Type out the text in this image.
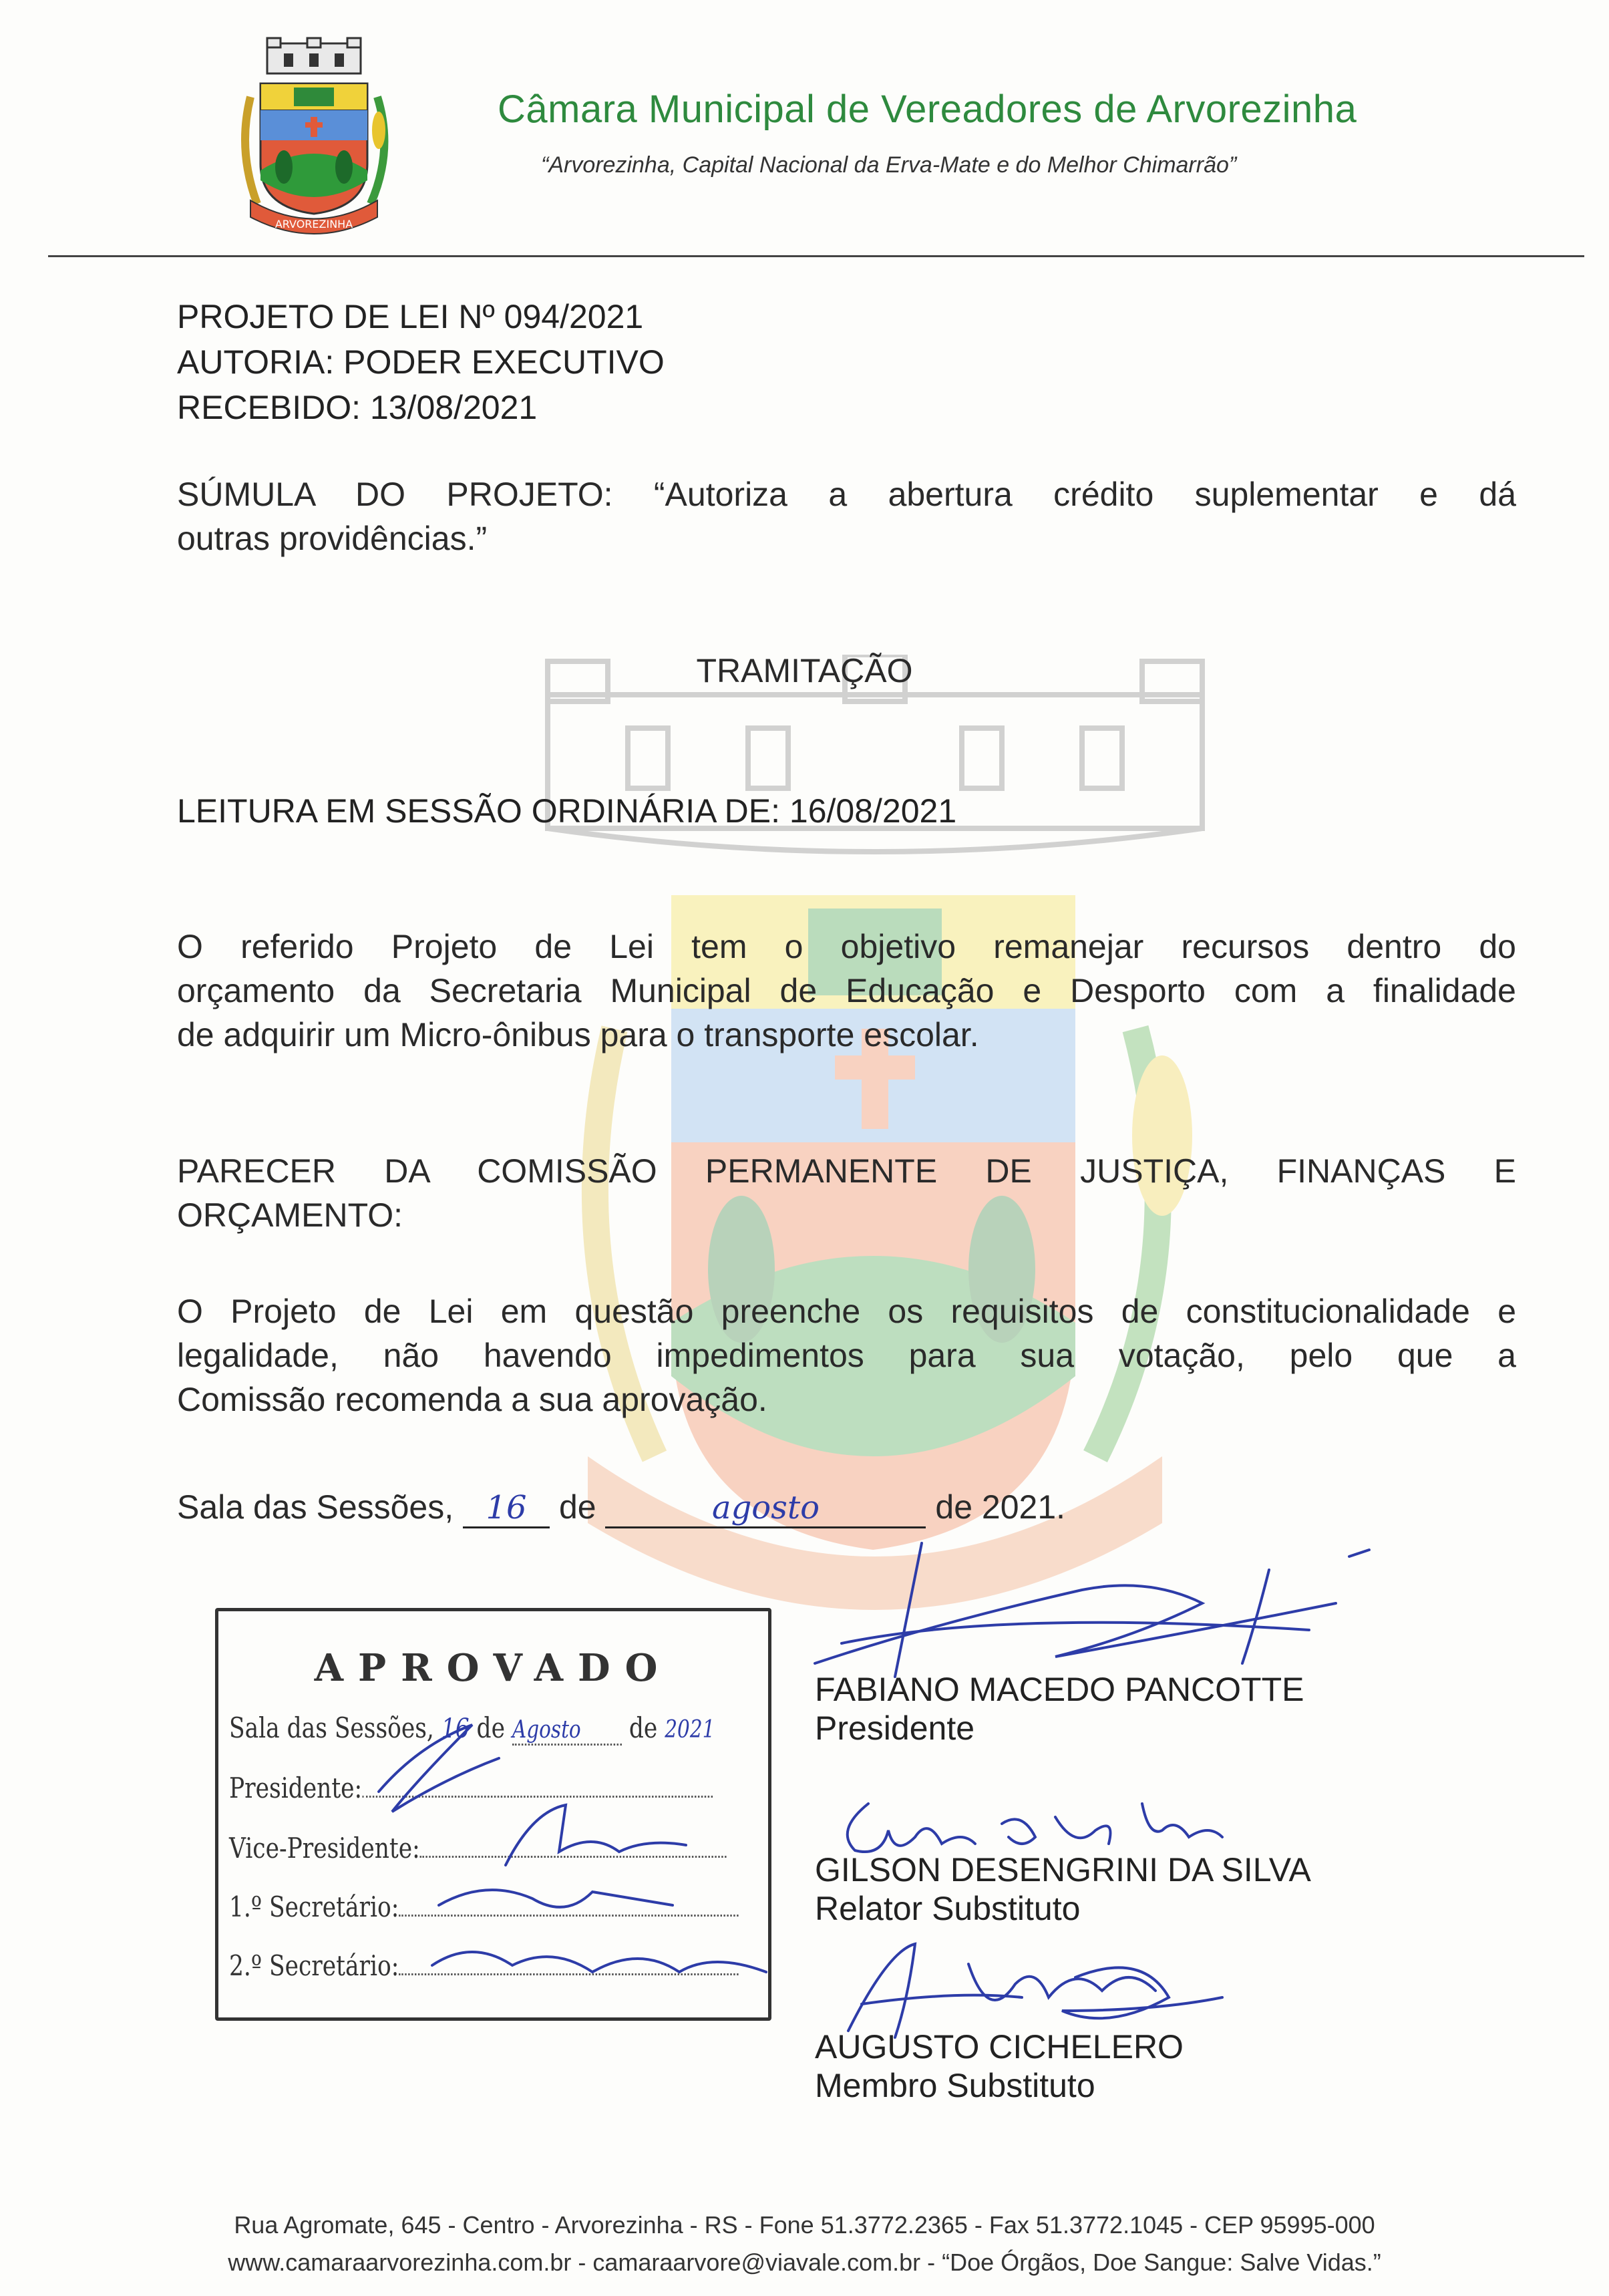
ARVOREZINHA
Câmara Municipal de Vereadores de Arvorezinha
“Arvorezinha, Capital Nacional da Erva-Mate e do Melhor Chimarrão”
PROJETO DE LEI Nº 094/2021
AUTORIA: PODER EXECUTIVO
RECEBIDO: 13/08/2021
SÚMULA DO PROJETO: “Autoriza a abertura crédito suplementar e dá
outras providências.”
TRAMITAÇÃO
LEITURA EM SESSÃO ORDINÁRIA DE: 16/08/2021
O referido Projeto de Lei tem o objetivo remanejar recursos dentro do
orçamento da Secretaria Municipal de Educação e Desporto com a finalidade
de adquirir um Micro-ônibus para o transporte escolar.
PARECER DA COMISSÃO PERMANENTE DE JUSTIÇA, FINANÇAS E
ORÇAMENTO:
O Projeto de Lei em questão preenche os requisitos de constitucionalidade e
legalidade, não havendo impedimentos para sua votação, pelo que a
Comissão recomenda a sua aprovação.
Sala das Sessões, 16 de	agosto	de 2021.
APROVADO
Sala das Sessões, 16 de Agosto de 2021
Presidente:
Vice-Presidente:
1.º Secretário:
2.º Secretário:
FABIANO MACEDO PANCOTTE
Presidente
GILSON DESENGRINI DA SILVA
Relator Substituto
AUGUSTO CICHELERO
Membro Substituto
Rua Agromate, 645 - Centro - Arvorezinha - RS - Fone 51.3772.2365 - Fax 51.3772.1045 - CEP 95995-000
www.camaraarvorezinha.com.br - camaraarvore@viavale.com.br - “Doe Órgãos, Doe Sangue: Salve Vidas.”
